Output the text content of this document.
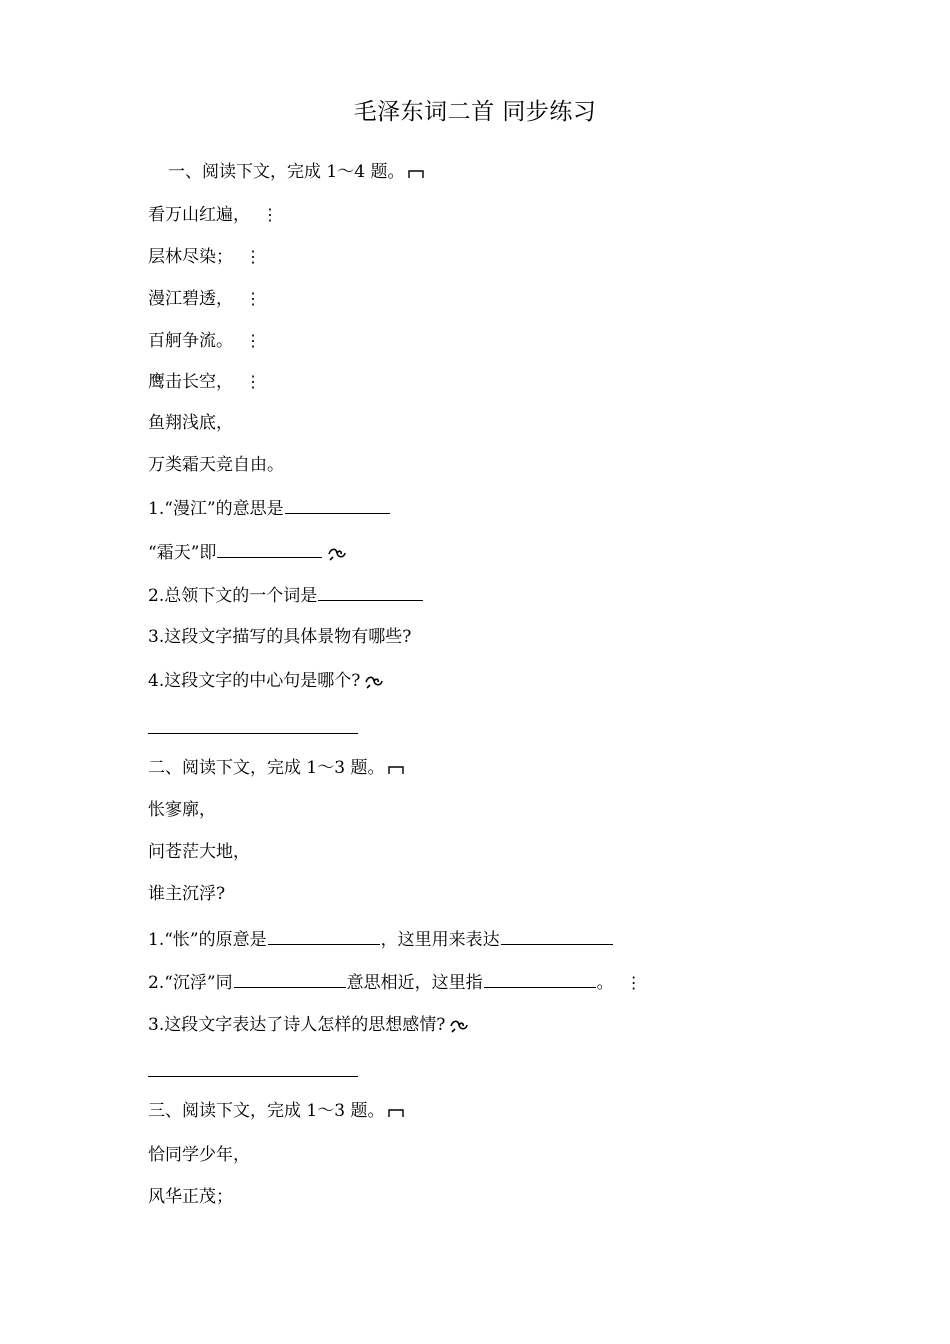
毛泽东词二首 同步练习
一、阅读下文，完成 1～4 题。
看万山红遍， ⋮
层林尽染； ⋮
漫江碧透， ⋮
百舸争流。 ⋮
鹰击长空， ⋮
鱼翔浅底，
万类霜天竞自由。
1.“漫江”的意思是
“霜天”即
2.总领下文的一个词是
3.这段文字描写的具体景物有哪些?
4.这段文字的中心句是哪个?
二、阅读下文，完成 1～3 题。
怅寥廓，
问苍茫大地，
谁主沉浮?
1.“怅”的原意是	，这里用来表达
2.“沉浮”同	意思相近，这里指	。 ⋮
3.这段文字表达了诗人怎样的思想感情?
三、阅读下文，完成 1～3 题。
恰同学少年，
风华正茂；
